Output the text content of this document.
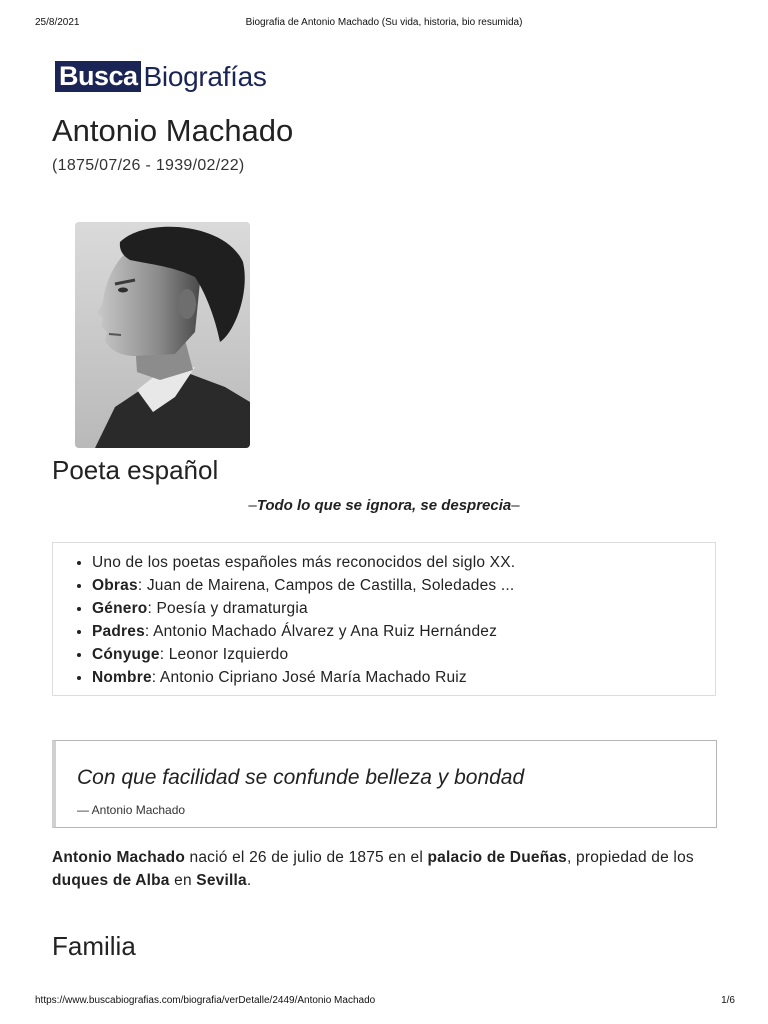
25/8/2021	Biografia de Antonio Machado (Su vida, historia, bio resumida)
Busca Biografías
Antonio Machado
(1875/07/26 - 1939/02/22)
Poeta español
–Todo lo que se ignora, se desprecia–
• Uno de los poetas españoles más reconocidos del siglo XX.
• Obras: Juan de Mairena, Campos de Castilla, Soledades ...
• Género: Poesía y dramaturgia
• Padres: Antonio Machado Álvarez y Ana Ruiz Hernández
• Cónyuge: Leonor Izquierdo
• Nombre: Antonio Cipriano José María Machado Ruiz
Con que facilidad se confunde belleza y bondad
— Antonio Machado

Antonio Machado nació el 26 de julio de 1875 en el palacio de Dueñas, propiedad de los duques de Alba en Sevilla.

Familia
https://www.buscabiografias.com/biografia/verDetalle/2449/Antonio Machado	1/6
